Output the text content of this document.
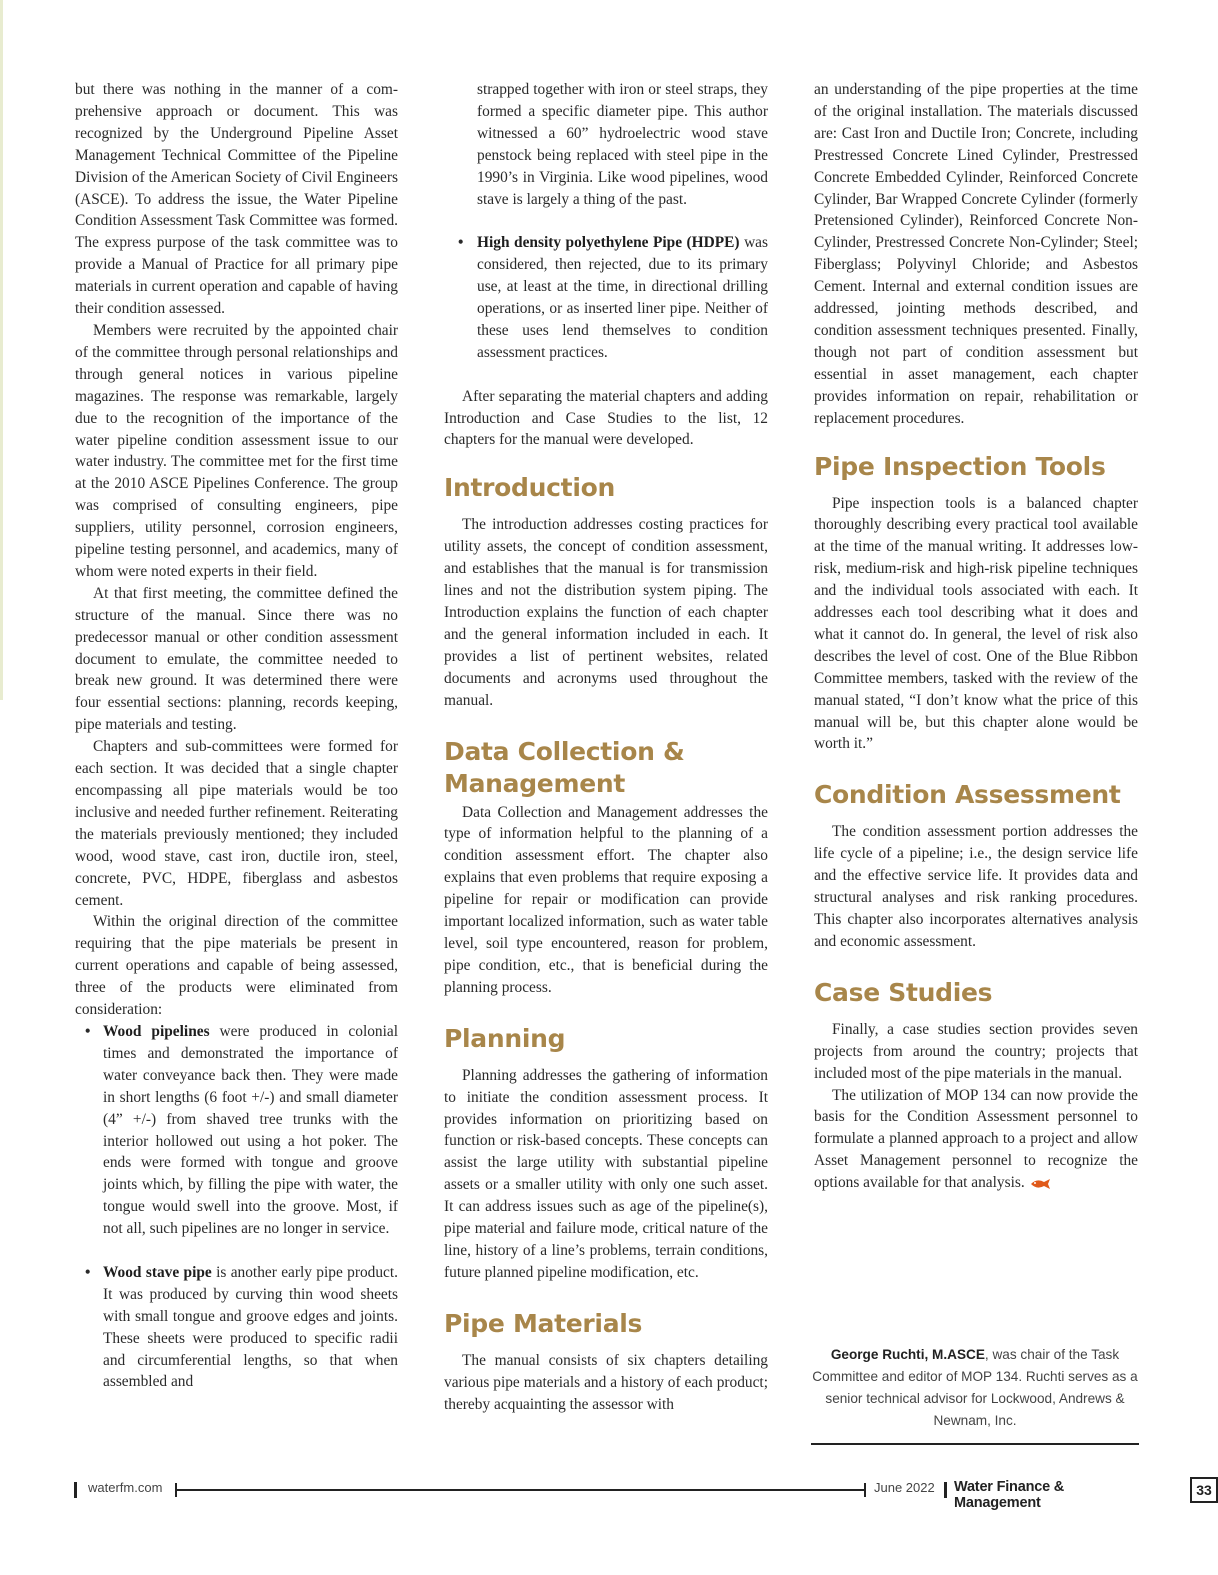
but there was nothing in the manner of a comprehensive approach or document. This was recognized by the Underground Pipeline Asset Management Technical Committee of the Pipeline Division of the American Society of Civil Engineers (ASCE). To address the issue, the Water Pipeline Condition Assessment Task Committee was formed. The express purpose of the task committee was to provide a Manual of Practice for all primary pipe materials in current operation and capable of having their condition assessed.

Members were recruited by the appointed chair of the committee through personal relationships and through general notices in various pipeline magazines. The response was remarkable, largely due to the recognition of the importance of the water pipeline condition assessment issue to our water industry. The committee met for the first time at the 2010 ASCE Pipelines Conference. The group was comprised of consulting engineers, pipe suppliers, utility personnel, corrosion engineers, pipeline testing personnel, and academics, many of whom were noted experts in their field.

At that first meeting, the committee defined the structure of the manual. Since there was no predecessor manual or other condition assessment document to emulate, the committee needed to break new ground. It was determined there were four essential sections: planning, records keeping, pipe materials and testing.

Chapters and sub-committees were formed for each section. It was decided that a single chapter encompassing all pipe materials would be too inclusive and needed further refinement. Reiterating the materials previously mentioned; they included wood, wood stave, cast iron, ductile iron, steel, concrete, PVC, HDPE, fiberglass and asbestos cement.

Within the original direction of the committee requiring that the pipe materials be present in current operations and capable of being assessed, three of the products were eliminated from consideration:

• Wood pipelines were produced in colonial times and demonstrated the importance of water conveyance back then. They were made in short lengths (6 foot +/-) and small diameter (4” +/-) from shaved tree trunks with the interior hollowed out using a hot poker. The ends were formed with tongue and groove joints which, by filling the pipe with water, the tongue would swell into the groove. Most, if not all, such pipelines are no longer in service.
• Wood stave pipe is another early pipe product. It was produced by curving thin wood sheets with small tongue and groove edges and joints. These sheets were produced to specific radii and circumferential lengths, so that when assembled and
strapped together with iron or steel straps, they formed a specific diameter pipe. This author witnessed a 60” hydroelectric wood stave penstock being replaced with steel pipe in the 1990’s in Virginia. Like wood pipelines, wood stave is largely a thing of the past.
• High density polyethylene Pipe (HDPE) was considered, then rejected, due to its primary use, at least at the time, in directional drilling operations, or as inserted liner pipe. Neither of these uses lend themselves to condition assessment practices.

After separating the material chapters and adding Introduction and Case Studies to the list, 12 chapters for the manual were developed.

Introduction

The introduction addresses costing practices for utility assets, the concept of condition assessment, and establishes that the manual is for transmission lines and not the distribution system piping. The Introduction explains the function of each chapter and the general information included in each. It provides a list of pertinent websites, related documents and acronyms used throughout the manual.

Data Collection &
Management

Data Collection and Management addresses the type of information helpful to the planning of a condition assessment effort. The chapter also explains that even problems that require exposing a pipeline for repair or modification can provide important localized information, such as water table level, soil type encountered, reason for problem, pipe condition, etc., that is beneficial during the planning process.

Planning

Planning addresses the gathering of information to initiate the condition assessment process. It provides information on prioritizing based on function or risk-based concepts. These concepts can assist the large utility with substantial pipeline assets or a smaller utility with only one such asset. It can address issues such as age of the pipeline(s), pipe material and failure mode, critical nature of the line, history of a line’s problems, terrain conditions, future planned pipeline modification, etc.

Pipe Materials

The manual consists of six chapters detailing various pipe materials and a history of each product; thereby acquainting the assessor with

an understanding of the pipe properties at the time of the original installation. The materials discussed are: Cast Iron and Ductile Iron; Concrete, including Prestressed Concrete Lined Cylinder, Prestressed Concrete Embedded Cylinder, Reinforced Concrete Cylinder, Bar Wrapped Concrete Cylinder (formerly Pretensioned Cylinder), Reinforced Concrete Non-Cylinder, Prestressed Concrete Non-Cylinder; Steel; Fiberglass; Polyvinyl Chloride; and Asbestos Cement. Internal and external condition issues are addressed, jointing methods described, and condition assessment techniques presented. Finally, though not part of condition assessment but essential in asset management, each chapter provides information on repair, rehabilitation or replacement procedures.

Pipe Inspection Tools

Pipe inspection tools is a balanced chapter thoroughly describing every practical tool available at the time of the manual writing. It addresses low-risk, medium-risk and high-risk pipeline techniques and the individual tools associated with each. It addresses each tool describing what it does and what it cannot do. In general, the level of risk also describes the level of cost. One of the Blue Ribbon Committee members, tasked with the review of the manual stated, “I don’t know what the price of this manual will be, but this chapter alone would be worth it.”

Condition Assessment

The condition assessment portion addresses the life cycle of a pipeline; i.e., the design service life and the effective service life. It provides data and structural analyses and risk ranking procedures. This chapter also incorporates alternatives analysis and economic assessment.

Case Studies

Finally, a case studies section provides seven projects from around the country; projects that included most of the pipe materials in the manual.

The utilization of MOP 134 can now provide the basis for the Condition Assessment personnel to formulate a planned approach to a project and allow Asset Management personnel to recognize the options available for that analysis.

George Ruchti, M.ASCE, was chair of the Task Committee and editor of MOP 134. Ruchti serves as a senior technical advisor for Lockwood, Andrews & Newnam, Inc.
waterfm.com	June 2022 Water Finance & Management
33
